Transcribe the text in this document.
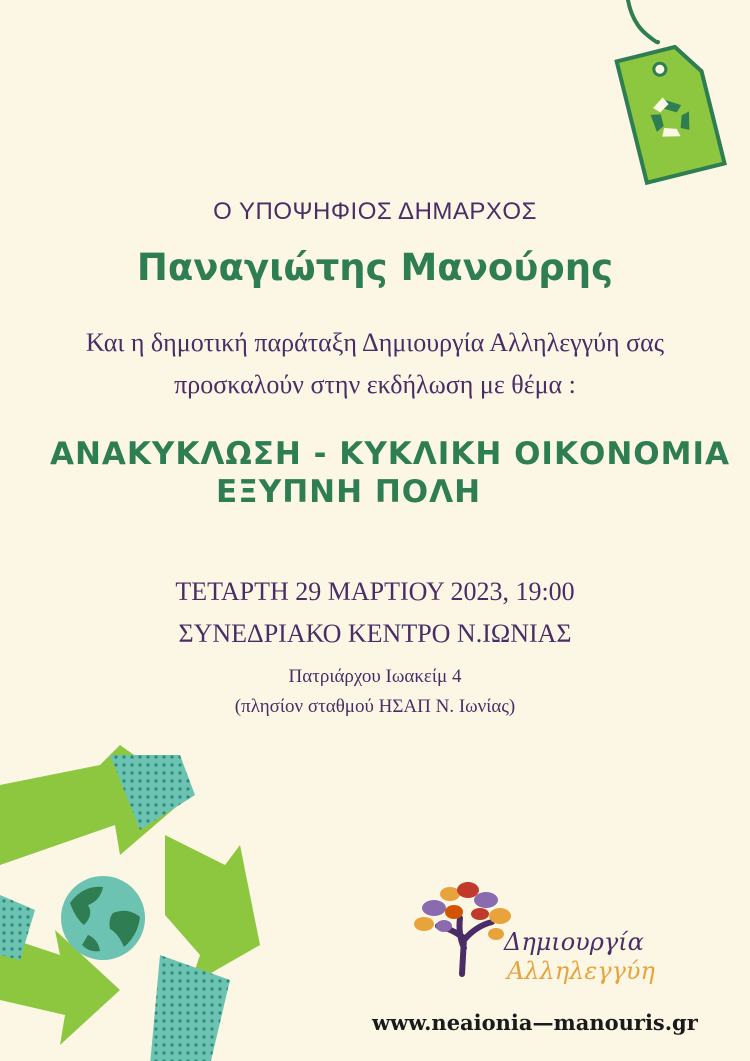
Δημιουργία

Αλληλεγγύη

Ο ΥΠΟΨΗΦΙΟΣ ΔΗΜΑΡΧΟΣ

Παναγιώτης Μανούρης

Και η δημοτική παράταξη Δημιουργία Αλληλεγγύη σας

προσκαλούν στην εκδήλωση με θέμα :

ΑΝΑΚΥΚΛΩΣΗ - ΚΥΚΛΙΚΗ ΟΙΚΟΝΟΜΙΑ

ΕΞΥΠΝΗ ΠΟΛΗ

ΤΕΤΑΡΤΗ 29 ΜΑΡΤΙΟΥ 2023, 19:00

ΣΥΝΕΔΡΙΑΚΟ ΚΕΝΤΡΟ Ν.ΙΩΝΙΑΣ

Πατριάρχου Ιωακείμ 4

(πλησίον σταθμού ΗΣΑΠ Ν. Ιωνίας)

www.neaionia—manouris.gr
